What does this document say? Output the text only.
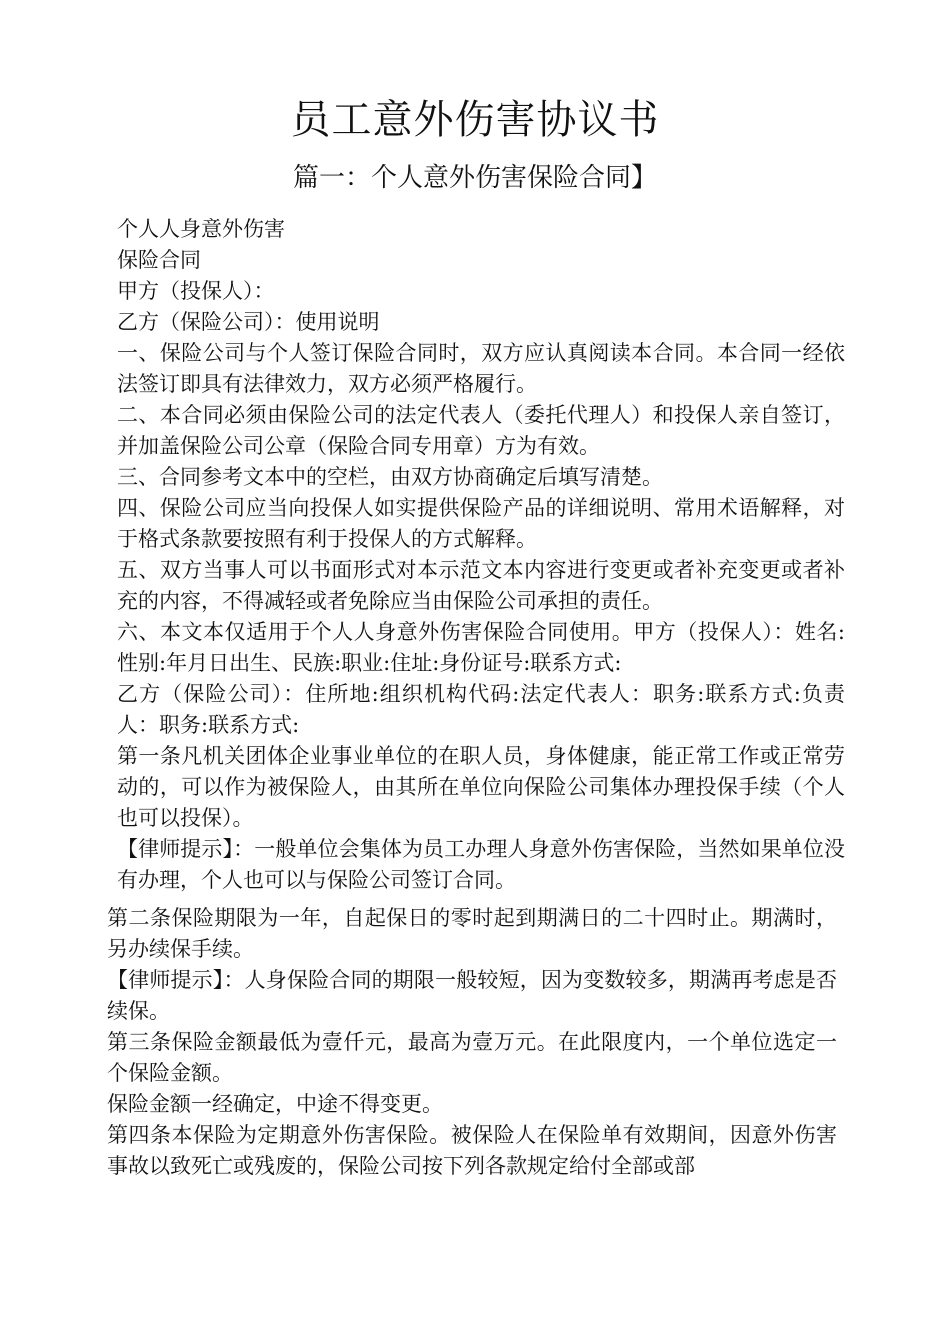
员工意外伤害协议书
篇一：个人意外伤害保险合同】

个人人身意外伤害

保险合同

甲方（投保人）：

乙方（保险公司）：使用说明

一、保险公司与个人签订保险合同时，双方应认真阅读本合同。本合同一经依法签订即具有法律效力，双方必须严格履行。

二、本合同必须由保险公司的法定代表人（委托代理人）和投保人亲自签订，并加盖保险公司公章（保险合同专用章）方为有效。

三、合同参考文本中的空栏，由双方协商确定后填写清楚。

四、保险公司应当向投保人如实提供保险产品的详细说明、常用术语解释，对于格式条款要按照有利于投保人的方式解释。

五、双方当事人可以书面形式对本示范文本内容进行变更或者补充变更或者补充的内容，不得减轻或者免除应当由保险公司承担的责任。

六、本文本仅适用于个人人身意外伤害保险合同使用。甲方（投保人）：姓名:性别:年月日出生、民族:职业:住址:身份证号:联系方式:

乙方（保险公司）：住所地:组织机构代码:法定代表人：职务:联系方式:负责人：职务:联系方式:

第一条凡机关团体企业事业单位的在职人员，身体健康，能正常工作或正常劳动的，可以作为被保险人，由其所在单位向保险公司集体办理投保手续（个人也可以投保）。

【律师提示】：一般单位会集体为员工办理人身意外伤害保险，当然如果单位没有办理，个人也可以与保险公司签订合同。

第二条保险期限为一年，自起保日的零时起到期满日的二十四时止。期满时，另办续保手续。

【律师提示】：人身保险合同的期限一般较短，因为变数较多，期满再考虑是否续保。

第三条保险金额最低为壹仟元，最高为壹万元。在此限度内，一个单位选定一个保险金额。

保险金额一经确定，中途不得变更。

第四条本保险为定期意外伤害保险。被保险人在保险单有效期间，因意外伤害事故以致死亡或残废的，保险公司按下列各款规定给付全部或部
